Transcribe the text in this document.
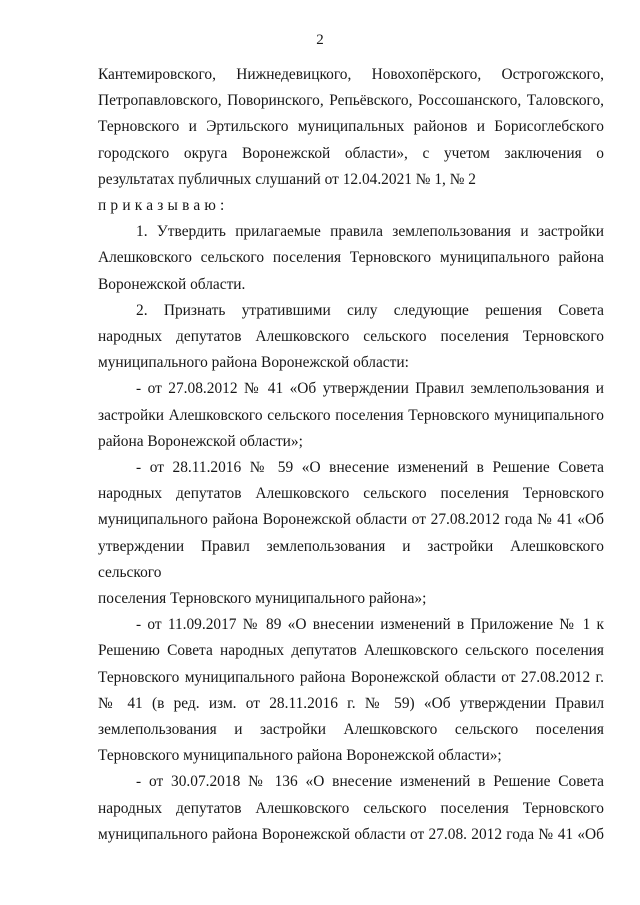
2
Кантемировского, Нижнедевицкого, Новохопёрского, Острогожского,
Петропавловского, Поворинского, Репьёвского, Россошанского, Таловского,
Терновского и Эртильского муниципальных районов и Борисоглебского
городского округа Воронежской области», с учетом заключения о
результатах публичных слушаний от 12.04.2021 № 1, № 2
приказываю:
1. Утвердить прилагаемые правила землепользования и застройки
Алешковского сельского поселения Терновского муниципального района
Воронежской области.
2. Признать утратившими силу следующие решения Совета
народных депутатов Алешковского сельского поселения Терновского
муниципального района Воронежской области:
- от 27.08.2012 № 41 «Об утверждении Правил землепользования и
застройки Алешковского сельского поселения Терновского муниципального
района Воронежской области»;
- от 28.11.2016 № 59 «О внесение изменений в Решение Совета
народных депутатов Алешковского сельского поселения Терновского
муниципального района Воронежской области от 27.08.2012 года № 41 «Об
утверждении Правил землепользования и застройки Алешковского сельского
поселения Терновского муниципального района»;
- от 11.09.2017 № 89 «О внесении изменений в Приложение № 1 к
Решению Совета народных депутатов Алешковского сельского поселения
Терновского муниципального района Воронежской области от 27.08.2012 г.
№ 41 (в ред. изм. от 28.11.2016 г. № 59) «Об утверждении Правил
землепользования и застройки Алешковского сельского поселения
Терновского муниципального района Воронежской области»;
- от 30.07.2018 № 136 «О внесение изменений в Решение Совета
народных депутатов Алешковского сельского поселения Терновского
муниципального района Воронежской области от 27.08. 2012 года № 41 «Об
